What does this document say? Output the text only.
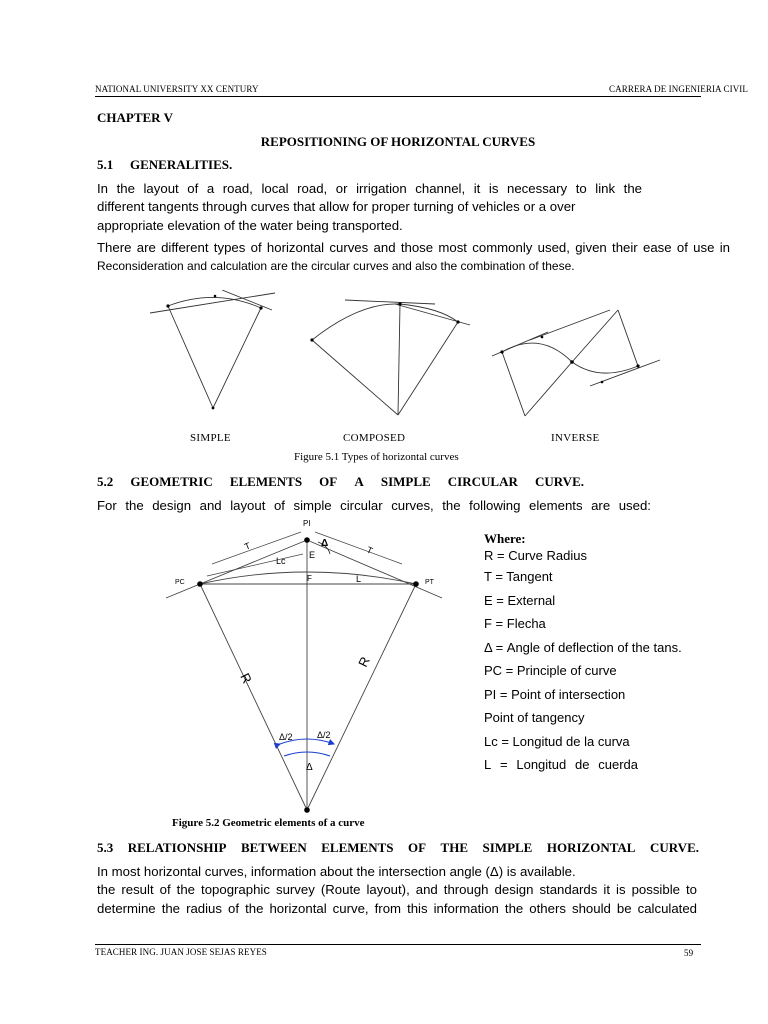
NATIONAL UNIVERSITY XX CENTURY	CARRERA DE INGENIERIA CIVIL
CHAPTER V
REPOSITIONING OF HORIZONTAL CURVES
5.1 GENERALITIES.
In the layout of a road, local road, or irrigation channel, it is necessary to link the
different tangents through curves that allow for proper turning of vehicles or a over
appropriate elevation of the water being transported.
There are different types of horizontal curves and those most commonly used, given their ease of use in
Reconsideration and calculation are the circular curves and also the combination of these.
SIMPLE	COMPOSED	INVERSE
Figure 5.1 Types of horizontal curves
5.2 GEOMETRIC ELEMENTS OF A SIMPLE CIRCULAR CURVE.
For the design and layout of simple circular curves, the following elements are used:
PI
PC	PT
T	T
E
Lc
F	L
R
R
Δ
Δ/2	Δ/2
Δ
Where:
R = Curve Radius
T = Tangent
E = External
F = Flecha
Δ = Angle of deflection of the tans.
PC = Principle of curve
PI = Point of intersection
Point of tangency
Lc = Longitud de la curva
L = Longitud de cuerda
Figure 5.2 Geometric elements of a curve
5.3 RELATIONSHIP BETWEEN ELEMENTS OF THE SIMPLE HORIZONTAL CURVE.
In most horizontal curves, information about the intersection angle (Δ) is available.
the result of the topographic survey (Route layout), and through design standards it is possible to
determine the radius of the horizontal curve, from this information the others should be calculated
TEACHER ING. JUAN JOSE SEJAS REYES	59
